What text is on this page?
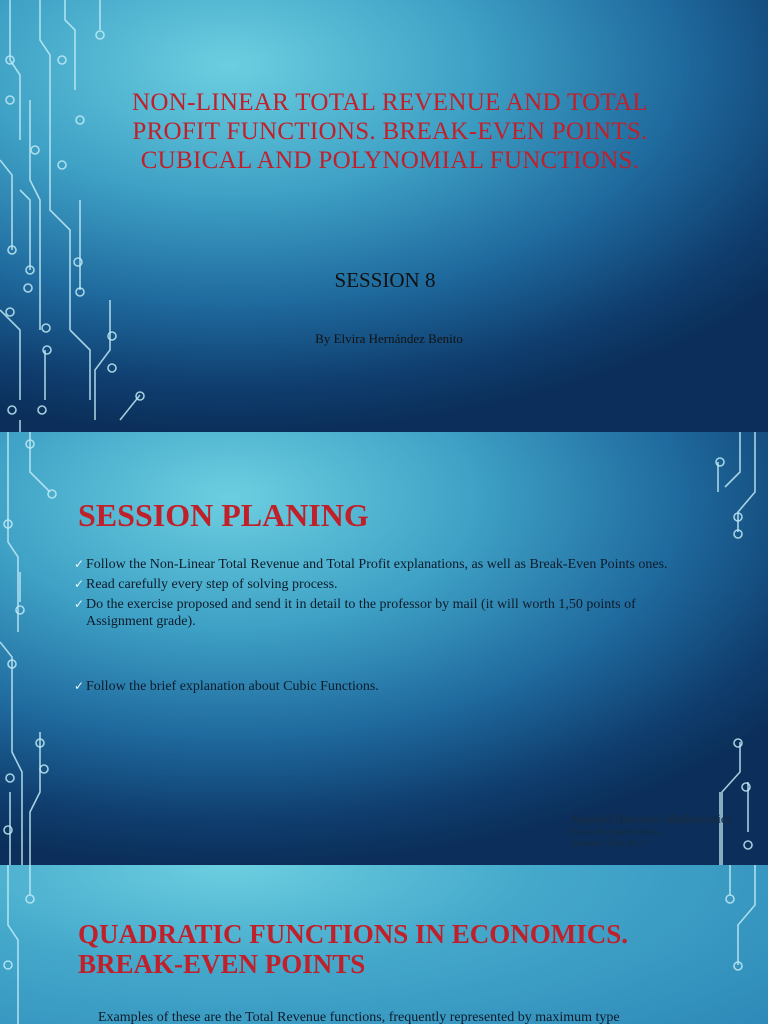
NON-LINEAR TOTAL REVENUE AND TOTAL
PROFIT FUNCTIONS. BREAK-EVEN POINTS.
CUBICAL AND POLYNOMIAL FUNCTIONS.
SESSION 8
By Elvira Hernández Benito
SESSION PLANING
✓ Follow the Non-Linear Total Revenue and Total Profit explanations, as well as Break-Even Points ones.
✓ Read carefully every step of solving process.
✓ Do the exercise proposed and send it in detail to the professor by mail (it will worth 1,50 points of Assignment grade).
✓ Follow the brief explanation about Cubic Functions.
Applied Business Mathematics
Elvira Hernández Benito
Academic Year 20-21
QUADRATIC FUNCTIONS IN ECONOMICS.
BREAK-EVEN POINTS
Examples of these are the Total Revenue functions, frequently represented by maximum type
